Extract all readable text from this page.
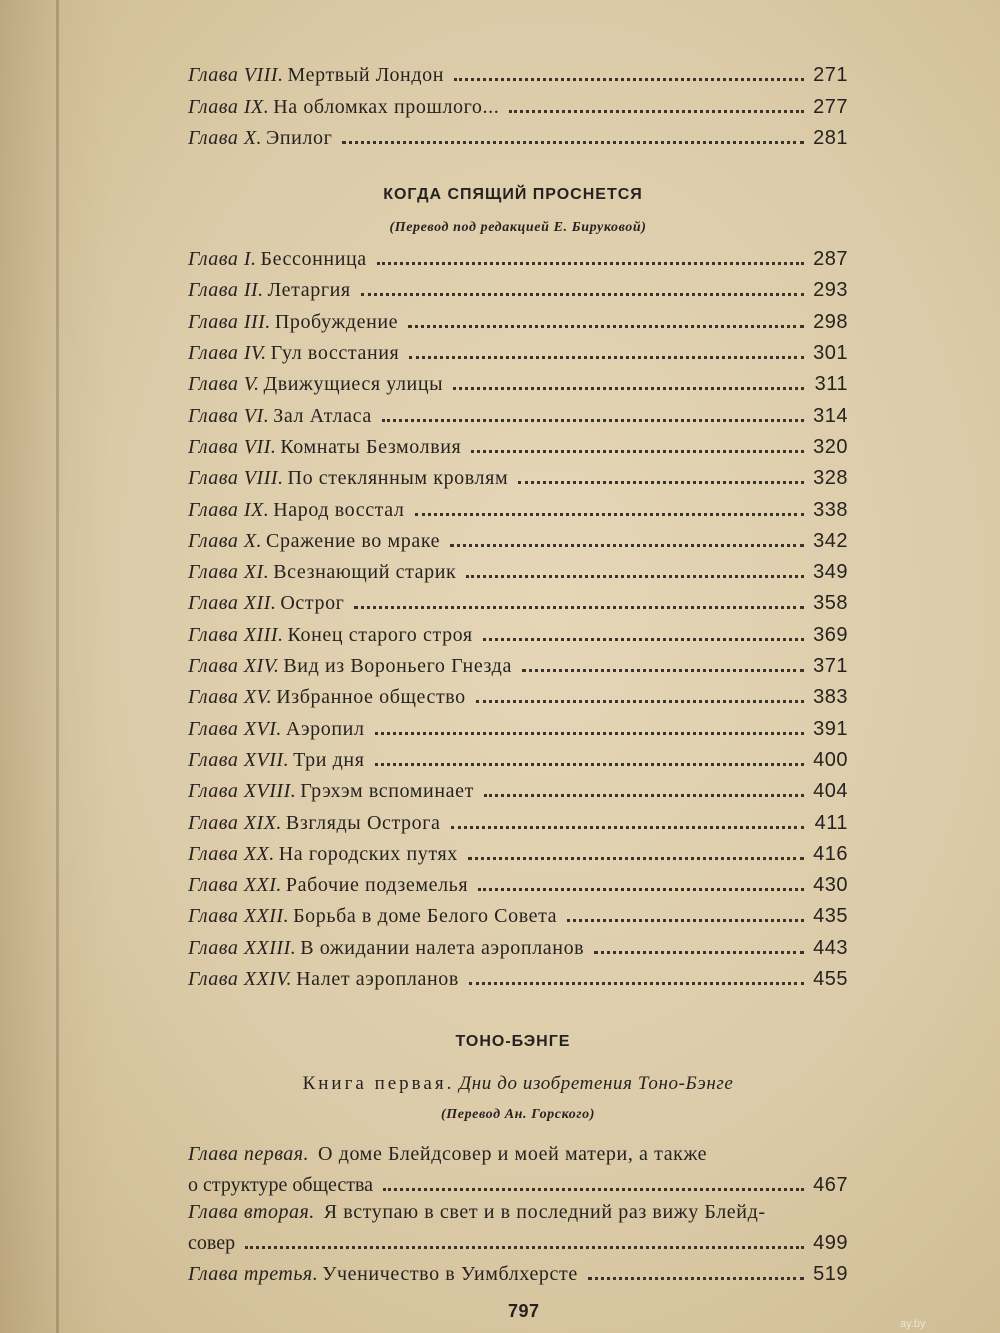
Глава VIII. Мертвый Лондон	271
Глава IX. На обломках прошлого...	277
Глава X. Эпилог	281
КОГДА СПЯЩИЙ ПРОСНЕТСЯ
(Перевод под редакцией Е. Бируковой)
Глава I. Бессонница	287
Глава II. Летаргия	293
Глава III. Пробуждение	298
Глава IV. Гул восстания	301
Глава V. Движущиеся улицы	311
Глава VI. Зал Атласа	314
Глава VII. Комнаты Безмолвия	320
Глава VIII. По стеклянным кровлям	328
Глава IX. Народ восстал	338
Глава X. Сражение во мраке	342
Глава XI. Всезнающий старик	349
Глава XII. Острог	358
Глава XIII. Конец старого строя	369
Глава XIV. Вид из Вороньего Гнезда	371
Глава XV. Избранное общество	383
Глава XVI. Аэропил	391
Глава XVII. Три дня	400
Глава XVIII. Грэхэм вспоминает	404
Глава XIX. Взгляды Острога	411
Глава XX. На городских путях	416
Глава XXI. Рабочие подземелья	430
Глава XXII. Борьба в доме Белого Совета	435
Глава XXIII. В ожидании налета аэропланов	443
Глава XXIV. Налет аэропланов	455
ТОНО-БЭНГЕ
Книга первая. Дни до изобретения Тоно-Бэнге
(Перевод Ан. Горского)
Глава первая. О доме Блейдсовер и моей матери, а также
о структуре общества	467
Глава вторая. Я вступаю в свет и в последний раз вижу Блейд-
совер	499
Глава третья. Ученичество в Уимблхерсте	519
797
ay.by
